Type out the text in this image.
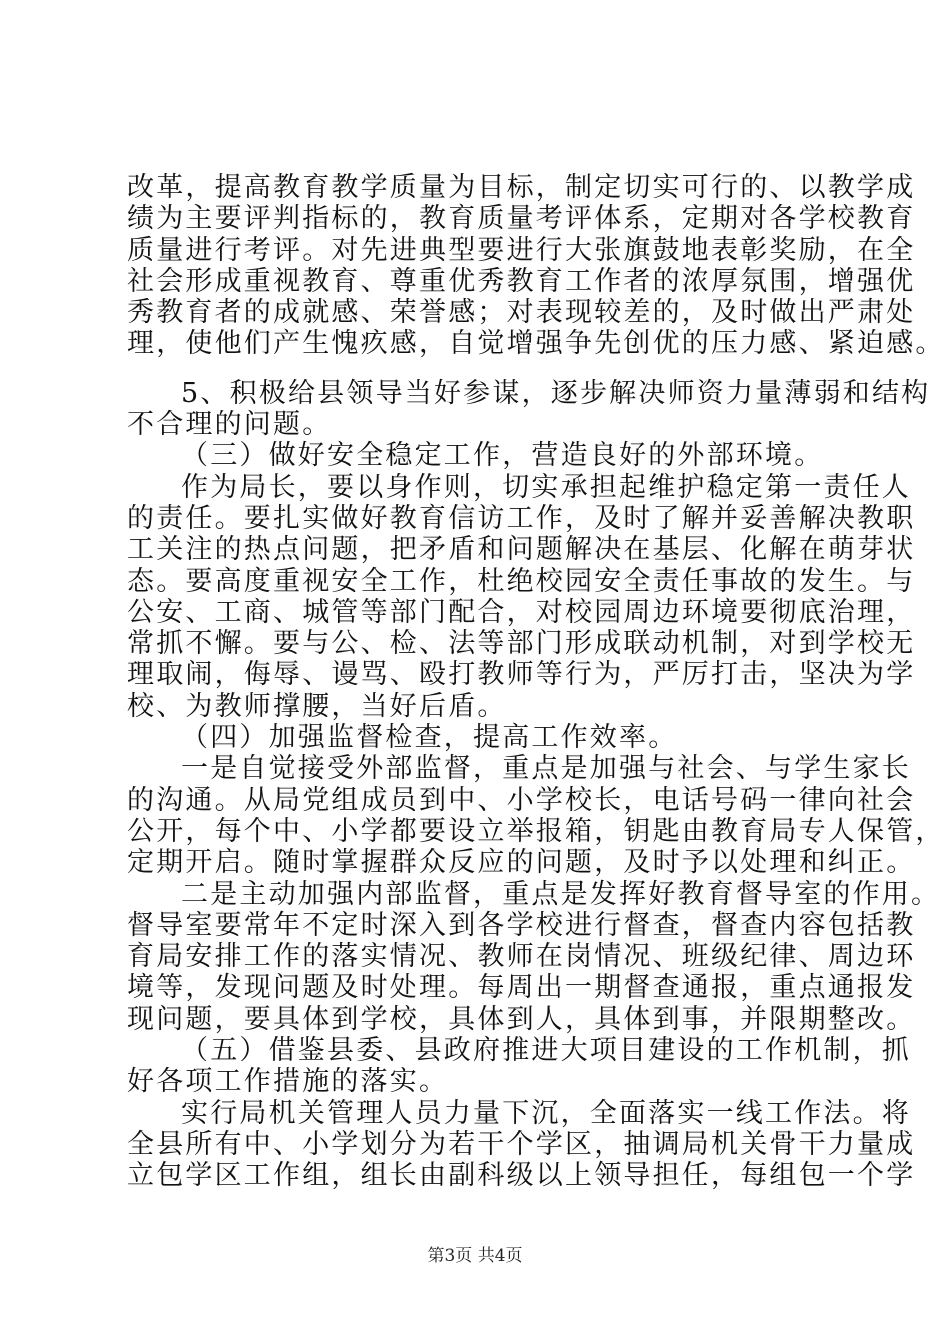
改革，提高教育教学质量为目标，制定切实可行的、以教学成
绩为主要评判指标的，教育质量考评体系，定期对各学校教育
质量进行考评。对先进典型要进行大张旗鼓地表彰奖励，在全
社会形成重视教育、尊重优秀教育工作者的浓厚氛围，增强优
秀教育者的成就感、荣誉感；对表现较差的，及时做出严肃处
理，使他们产生愧疚感，自觉增强争先创优的压力感、紧迫感。
5、积极给县领导当好参谋，逐步解决师资力量薄弱和结构
不合理的问题。
（三）做好安全稳定工作，营造良好的外部环境。
作为局长，要以身作则，切实承担起维护稳定第一责任人
的责任。要扎实做好教育信访工作，及时了解并妥善解决教职
工关注的热点问题，把矛盾和问题解决在基层、化解在萌芽状
态。要高度重视安全工作，杜绝校园安全责任事故的发生。与
公安、工商、城管等部门配合，对校园周边环境要彻底治理，
常抓不懈。要与公、检、法等部门形成联动机制，对到学校无
理取闹，侮辱、谩骂、殴打教师等行为，严厉打击，坚决为学
校、为教师撑腰，当好后盾。
（四）加强监督检查，提高工作效率。
一是自觉接受外部监督，重点是加强与社会、与学生家长
的沟通。从局党组成员到中、小学校长，电话号码一律向社会
公开，每个中、小学都要设立举报箱，钥匙由教育局专人保管，
定期开启。随时掌握群众反应的问题，及时予以处理和纠正。
二是主动加强内部监督，重点是发挥好教育督导室的作用。
督导室要常年不定时深入到各学校进行督查，督查内容包括教
育局安排工作的落实情况、教师在岗情况、班级纪律、周边环
境等，发现问题及时处理。每周出一期督查通报，重点通报发
现问题，要具体到学校，具体到人，具体到事，并限期整改。
（五）借鉴县委、县政府推进大项目建设的工作机制，抓
好各项工作措施的落实。
实行局机关管理人员力量下沉，全面落实一线工作法。将
全县所有中、小学划分为若干个学区，抽调局机关骨干力量成
立包学区工作组，组长由副科级以上领导担任，每组包一个学
第3页 共4页
